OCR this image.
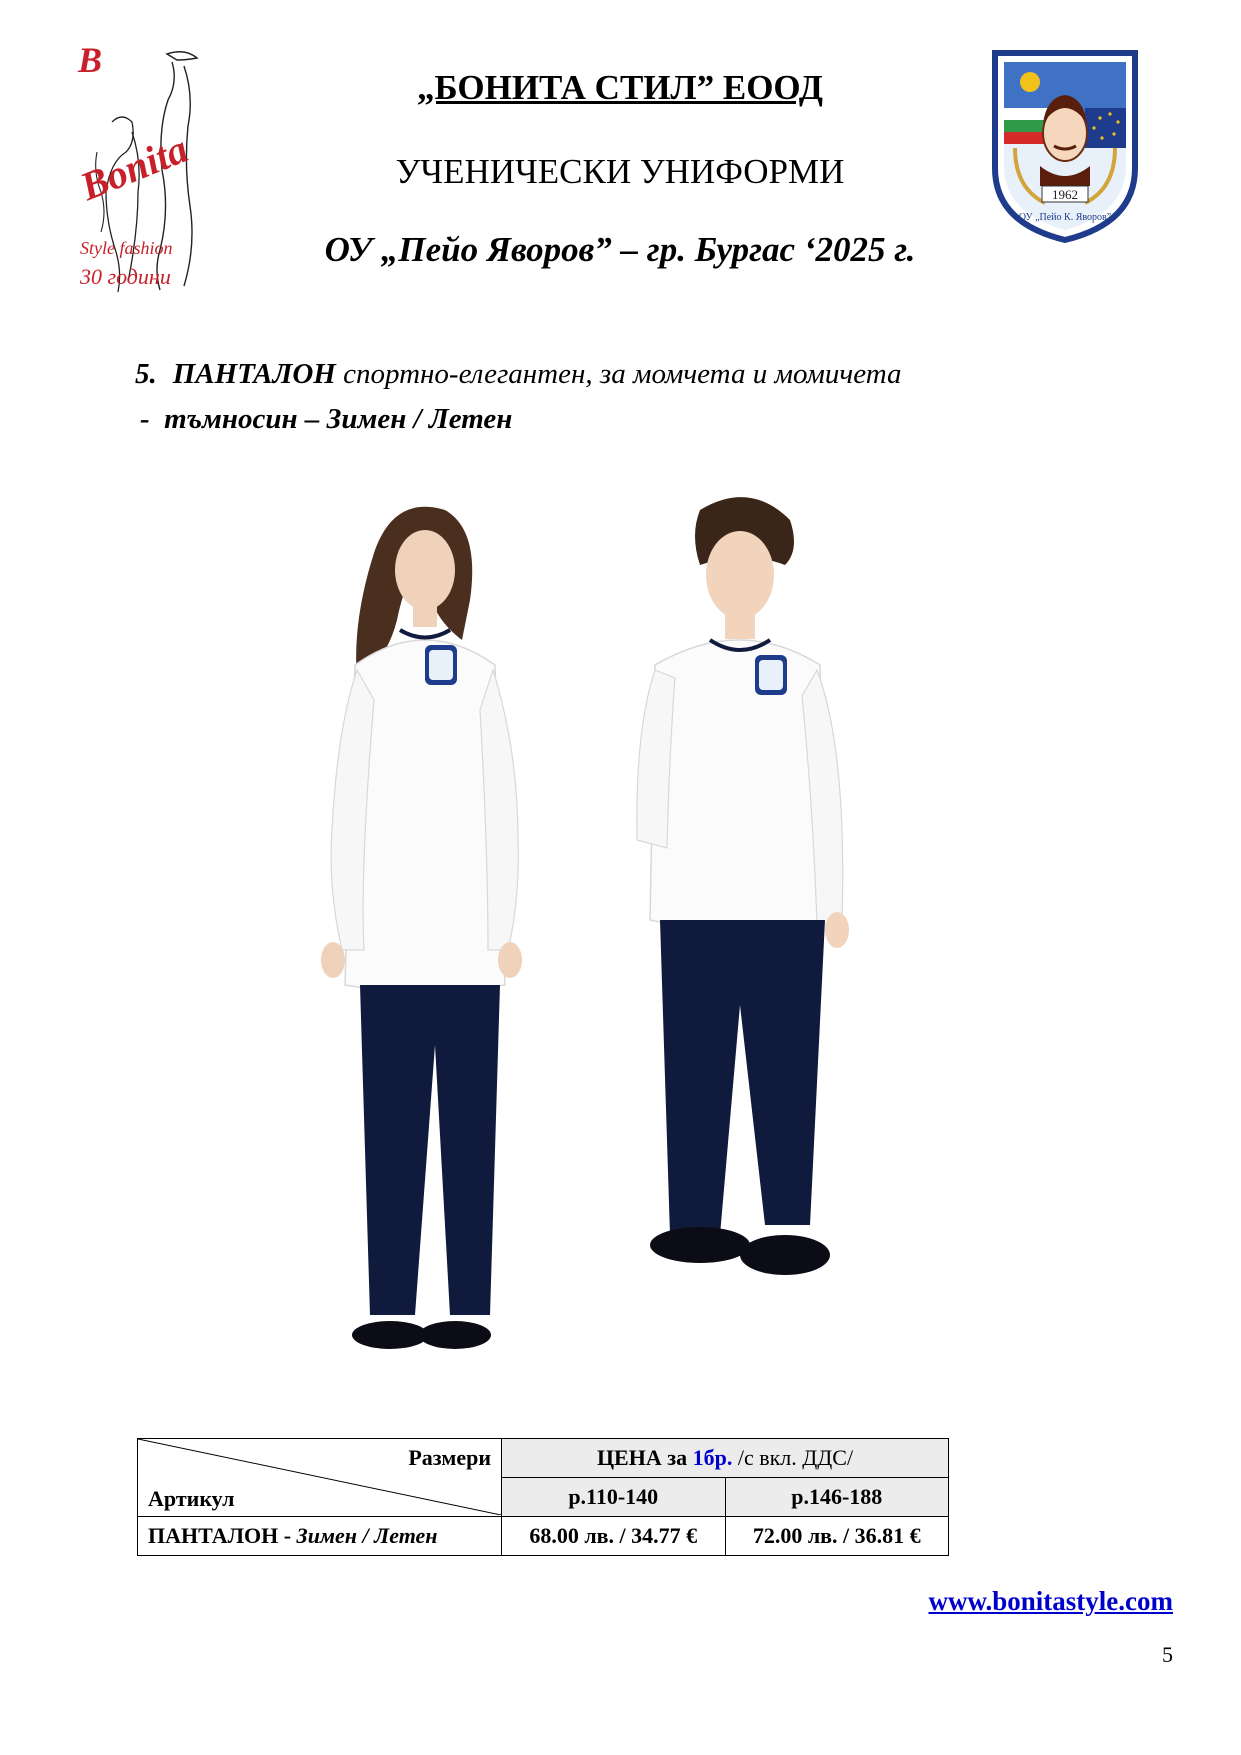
B
Bonita
Style fashion
30 години
„БОНИТА СТИЛ” ЕООД
УЧЕНИЧЕСКИ УНИФОРМИ
ОУ „Пейо Яворов” – гр. Бургас ‘2025 г.
1962
ОУ „Пейо К. Яворов”
5. ПАНТАЛОН спортно-елегантен, за момчета и момичета
- тъмносин – Зимен / Летен
Размери
Артикул	ЦЕНА за 1бр. /с вкл. ДДС/	
	р.110-140	р.146-188
ПАНТАЛОН - Зимен / Летен	68.00 лв. / 34.77 €	72.00 лв. / 36.81 €
www.bonitastyle.com
5
